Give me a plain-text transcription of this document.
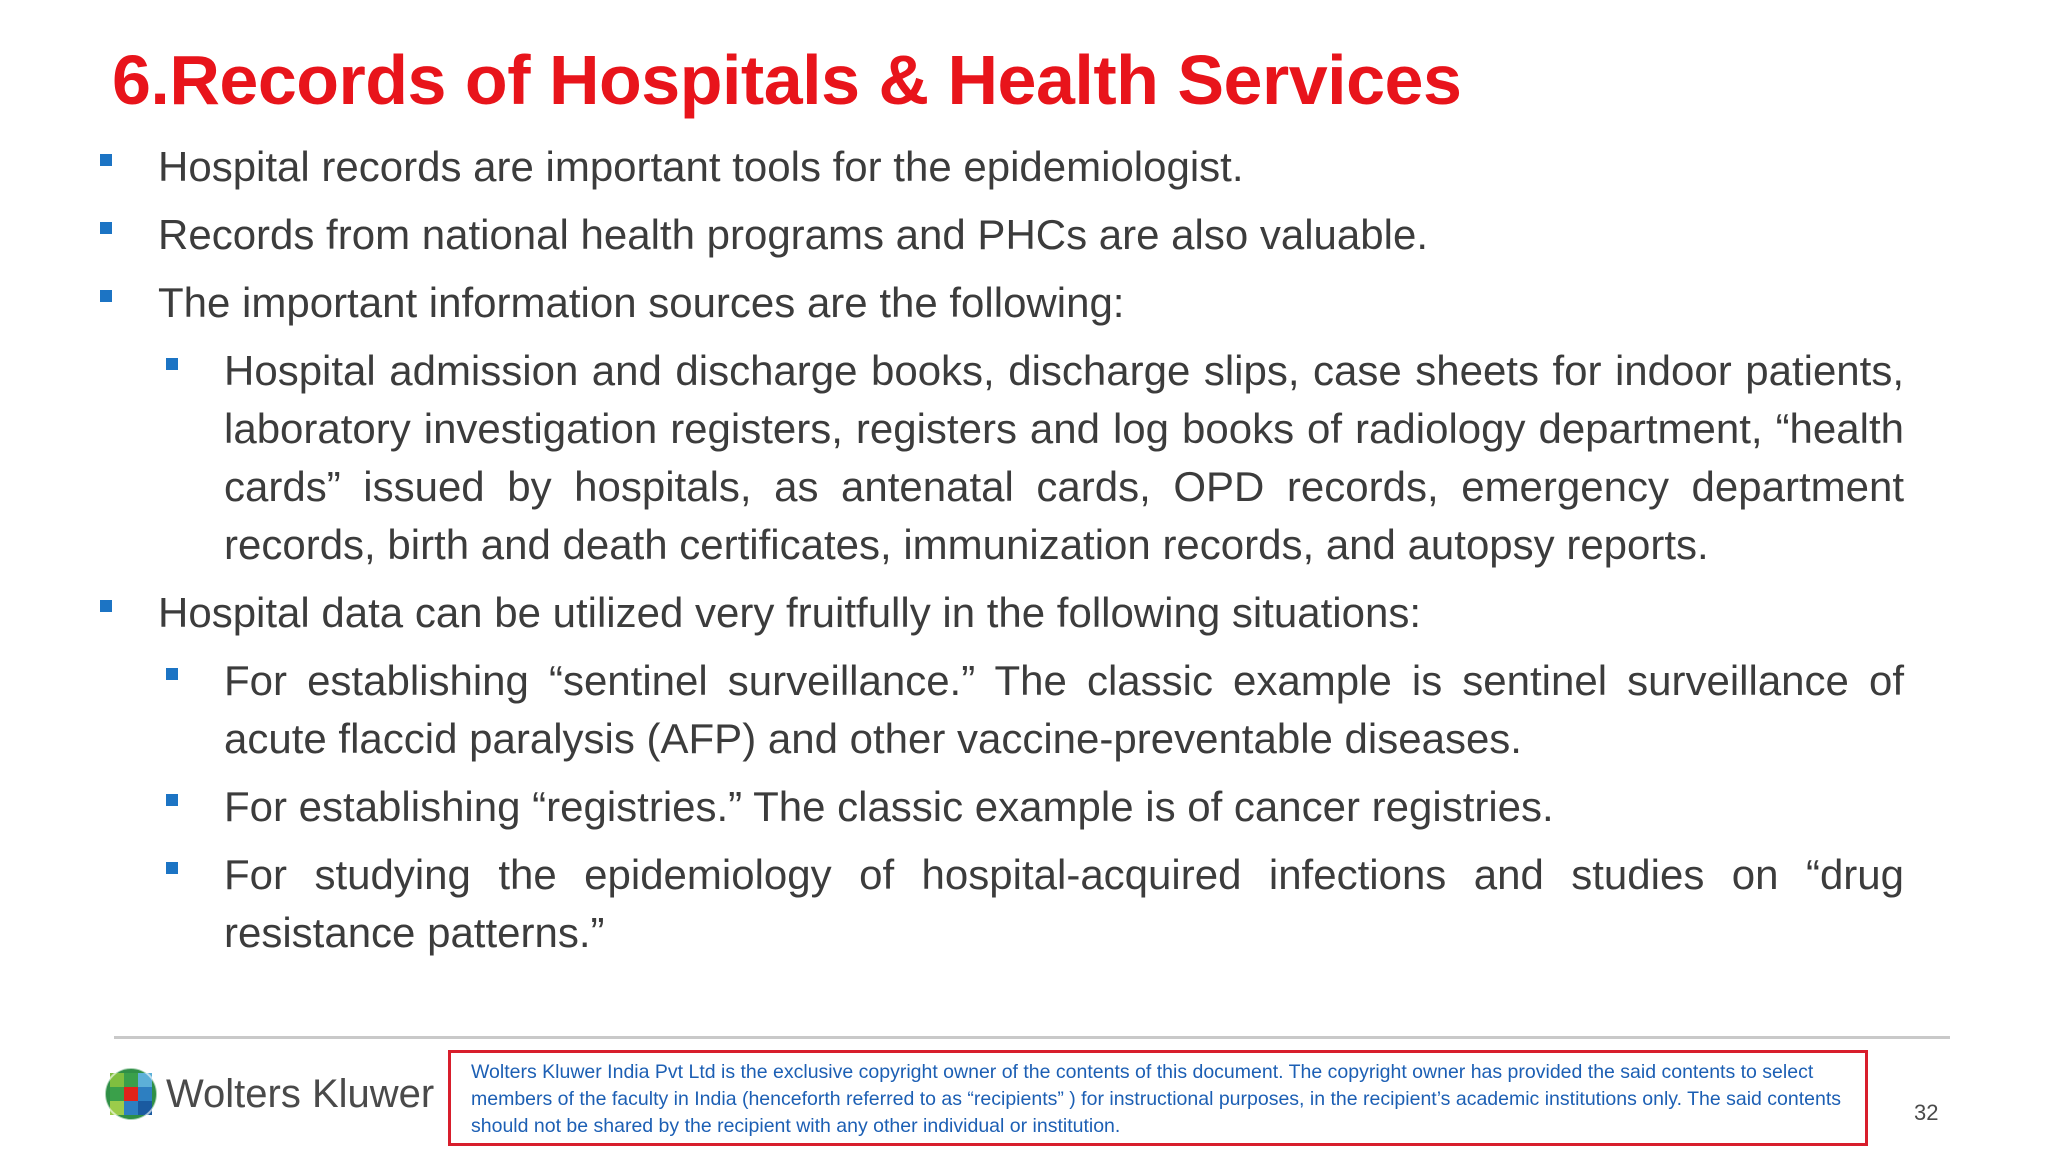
6.Records of Hospitals & Health Services
Hospital records are important tools for the epidemiologist.
Records from national health programs and PHCs are also valuable.
The important information sources are the following:
Hospital admission and discharge books, discharge slips, case sheets for indoor patients, laboratory investigation registers, registers and log books of radiology department, “health cards” issued by hospitals, as antenatal cards, OPD records, emergency department records, birth and death certificates, immunization records, and autopsy reports.
Hospital data can be utilized very fruitfully in the following situations:
For establishing “sentinel surveillance.” The classic example is sentinel surveillance of acute flaccid paralysis (AFP) and other vaccine-preventable diseases.
For establishing “registries.” The classic example is of cancer registries.
For studying the epidemiology of hospital-acquired infections and studies on “drug resistance patterns.”
Wolters Kluwer	Wolters Kluwer India Pvt Ltd is the exclusive copyright owner of the contents of this document. The copyright owner has provided the said contents to select members of the faculty in India (henceforth referred to as “recipients” ) for instructional purposes, in the recipient’s academic institutions only. The said contents should not be shared by the recipient with any other individual or institution.
32
